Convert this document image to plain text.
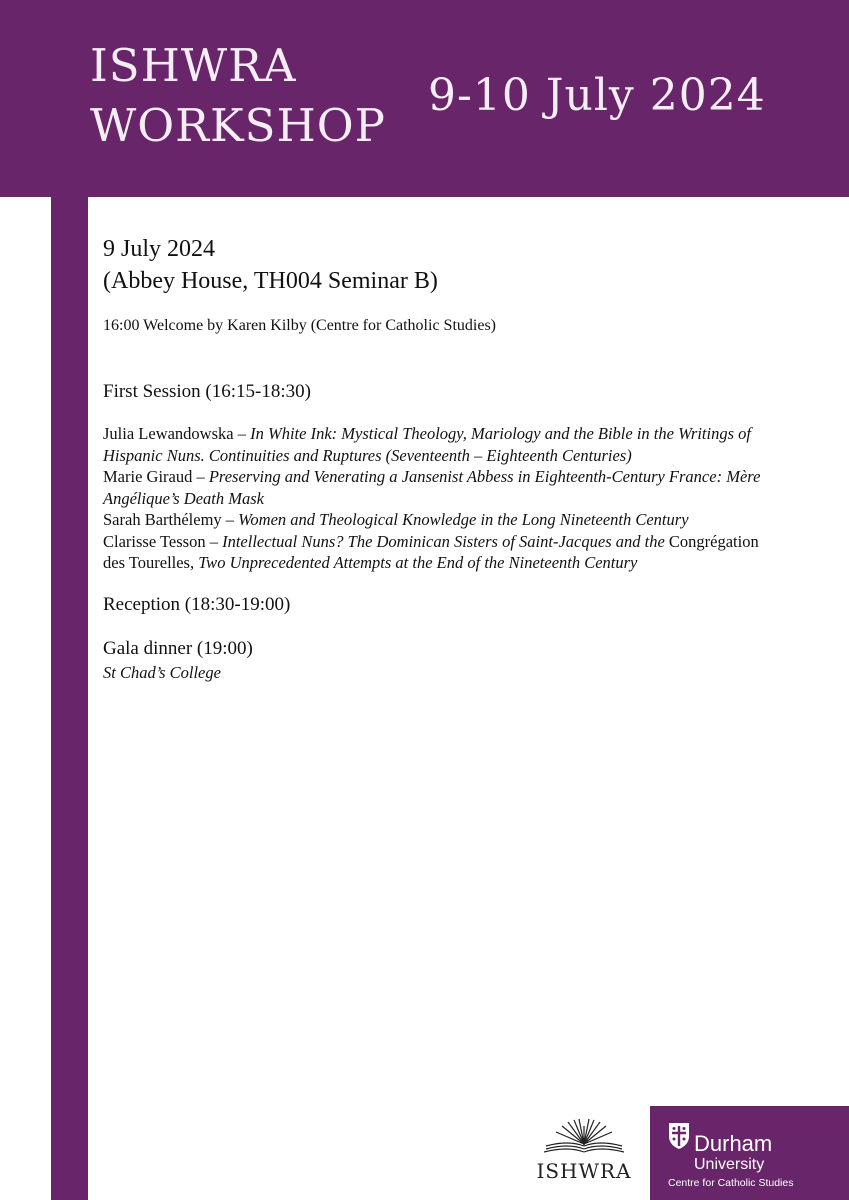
ISHWRA
WORKSHOP
9-10 July 2024
9 July 2024
(Abbey House, TH004 Seminar B)

16:00 Welcome by Karen Kilby (Centre for Catholic Studies)

First Session (16:15-18:30)
Julia Lewandowska – In White Ink: Mystical Theology, Mariology and the Bible in the Writings of Hispanic Nuns. Continuities and Ruptures (Seventeenth – Eighteenth Centuries)
Marie Giraud – Preserving and Venerating a Jansenist Abbess in Eighteenth-Century France: Mère Angélique’s Death Mask
Sarah Barthélemy – Women and Theological Knowledge in the Long Nineteenth Century
Clarisse Tesson – Intellectual Nuns? The Dominican Sisters of Saint-Jacques and the Congrégation des Tourelles, Two Unprecedented Attempts at the End of the Nineteenth Century
Reception (18:30-19:00)
Gala dinner (19:00)

St Chad’s College

ISHWRA
Durham
University
Centre for Catholic Studies
